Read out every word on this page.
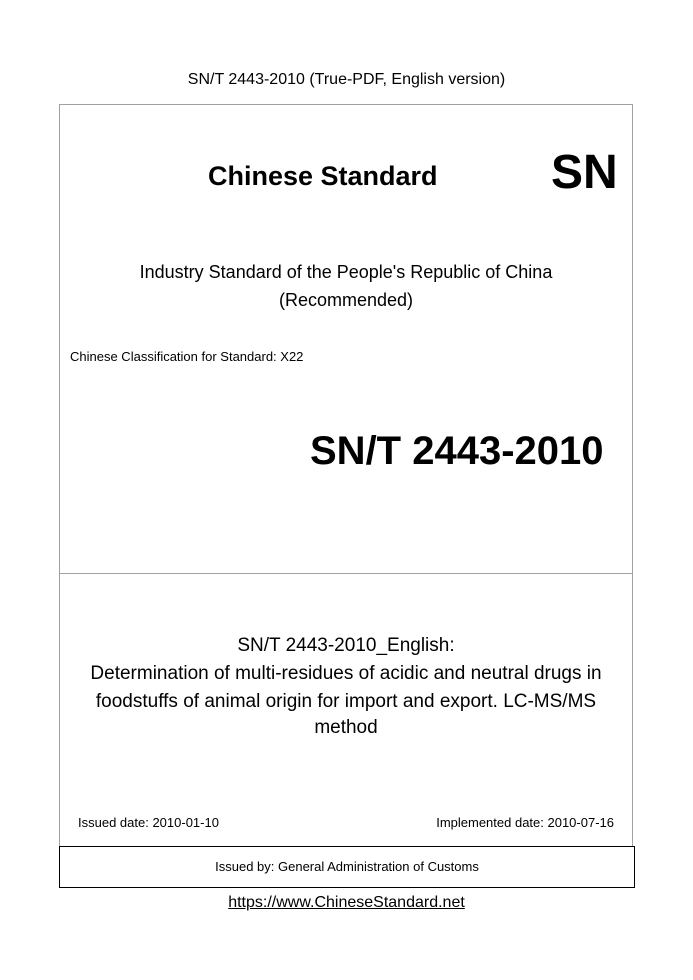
SN/T 2443-2010 (True-PDF, English version)
Chinese Standard SN
Industry Standard of the People's Republic of China
(Recommended)
Chinese Classification for Standard: X22
SN/T 2443-2010
SN/T 2443-2010_English:
Determination of multi-residues of acidic and neutral drugs in
foodstuffs of animal origin for import and export. LC-MS/MS
method
Issued date: 2010-01-10	Implemented date: 2010-07-16
Issued by: General Administration of Customs
https://www.ChineseStandard.net
